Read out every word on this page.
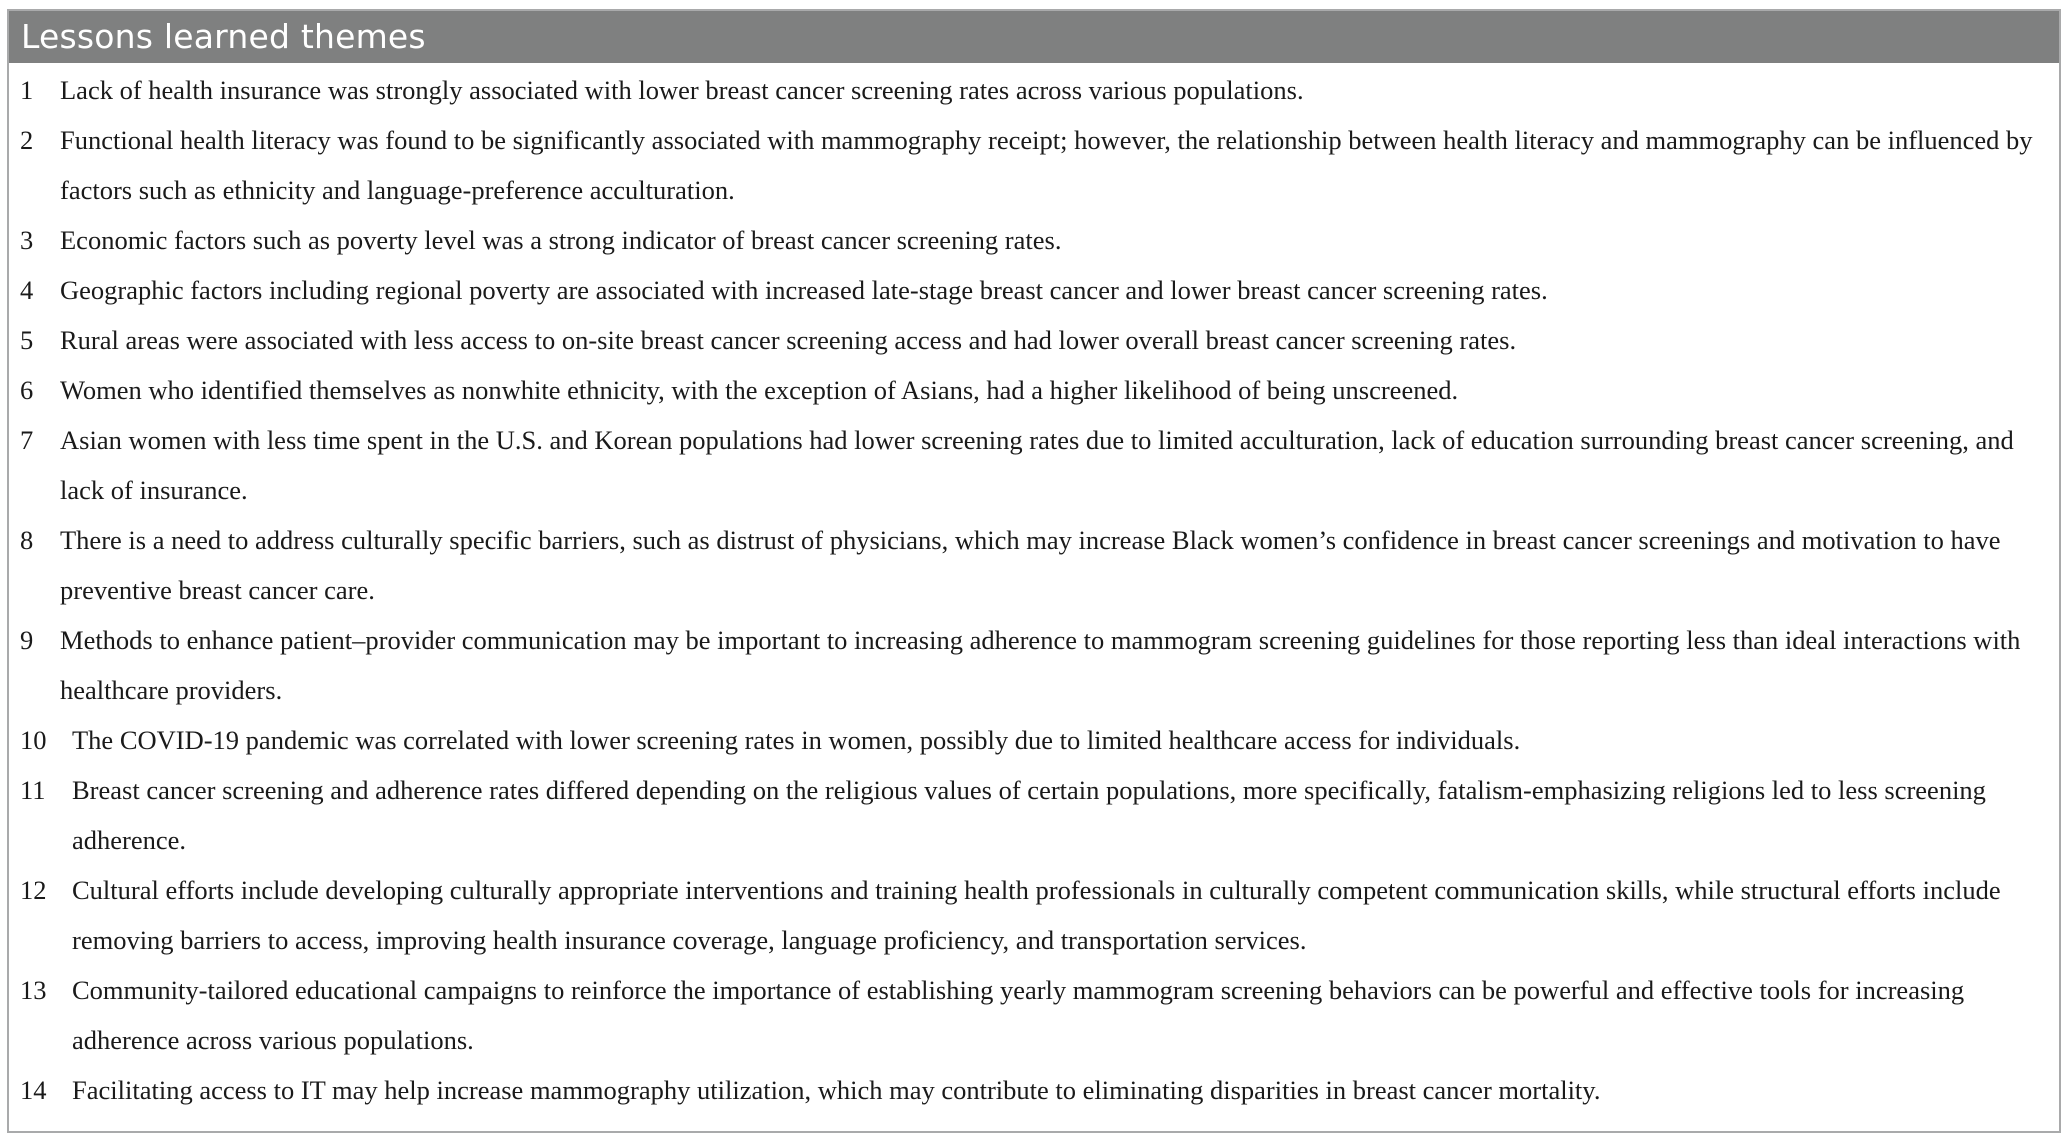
Lessons learned themes
1	Lack of health insurance was strongly associated with lower breast cancer screening rates across various populations.
2	Functional health literacy was found to be significantly associated with mammography receipt; however, the relationship between health literacy and mammography can be influenced by factors such as ethnicity and language-preference acculturation.
3	Economic factors such as poverty level was a strong indicator of breast cancer screening rates.
4	Geographic factors including regional poverty are associated with increased late-stage breast cancer and lower breast cancer screening rates.
5	Rural areas were associated with less access to on-site breast cancer screening access and had lower overall breast cancer screening rates.
6	Women who identified themselves as nonwhite ethnicity, with the exception of Asians, had a higher likelihood of being unscreened.
7	Asian women with less time spent in the U.S. and Korean populations had lower screening rates due to limited acculturation, lack of education surrounding breast cancer screening, and lack of insurance.
8	There is a need to address culturally specific barriers, such as distrust of physicians, which may increase Black women’s confidence in breast cancer screenings and motivation to have preventive breast cancer care.
9	Methods to enhance patient–provider communication may be important to increasing adherence to mammogram screening guidelines for those reporting less than ideal interactions with healthcare providers.
10 The COVID-19 pandemic was correlated with lower screening rates in women, possibly due to limited healthcare access for individuals.
11 Breast cancer screening and adherence rates differed depending on the religious values of certain populations, more specifically, fatalism-emphasizing religions led to less screening adherence.
12 Cultural efforts include developing culturally appropriate interventions and training health professionals in culturally competent communication skills, while structural efforts include removing barriers to access, improving health insurance coverage, language proficiency, and transportation services.
13 Community-tailored educational campaigns to reinforce the importance of establishing yearly mammogram screening behaviors can be powerful and effective tools for increasing adherence across various populations.
14 Facilitating access to IT may help increase mammography utilization, which may contribute to eliminating disparities in breast cancer mortality.
